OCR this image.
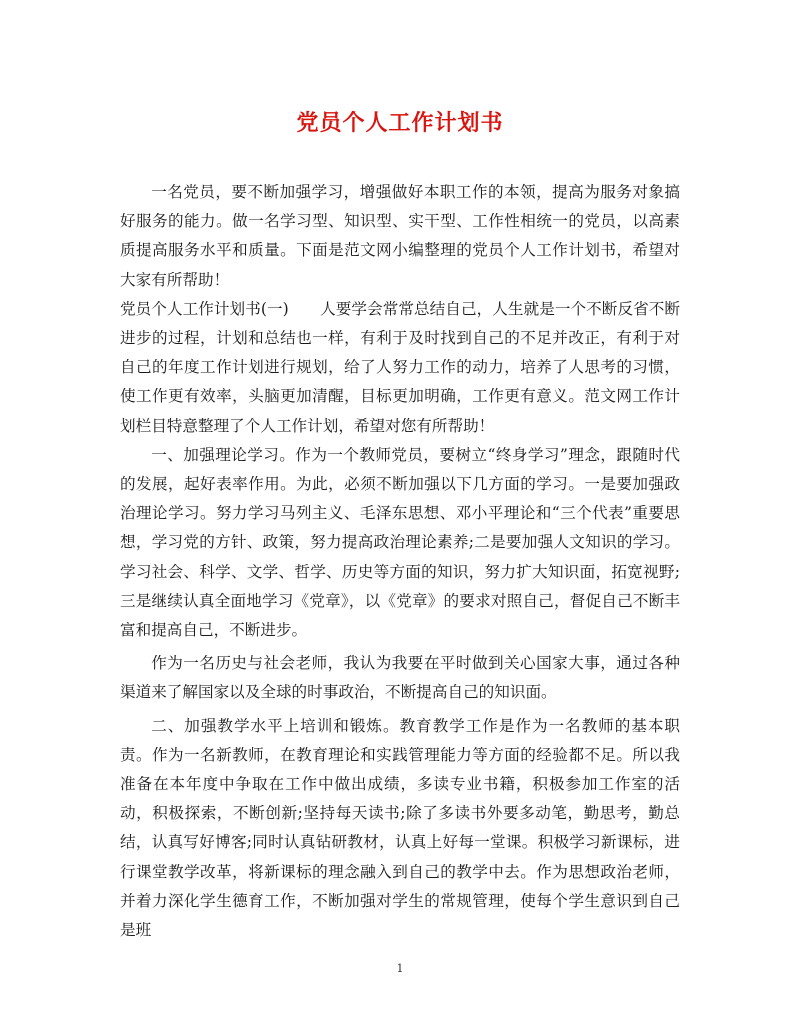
党员个人工作计划书

一名党员，要不断加强学习，增强做好本职工作的本领，提高为服务对象搞好服务的能力。做一名学习型、知识型、实干型、工作性相统一的党员，以高素质提高服务水平和质量。下面是范文网小编整理的党员个人工作计划书，希望对大家有所帮助！

党员个人工作计划书(一)　　人要学会常常总结自己，人生就是一个不断反省不断进步的过程，计划和总结也一样，有利于及时找到自己的不足并改正，有利于对自己的年度工作计划进行规划，给了人努力工作的动力，培养了人思考的习惯，使工作更有效率，头脑更加清醒，目标更加明确，工作更有意义。范文网工作计划栏目特意整理了个人工作计划，希望对您有所帮助！

一、加强理论学习。作为一个教师党员，要树立“终身学习”理念，跟随时代的发展，起好表率作用。为此，必须不断加强以下几方面的学习。一是要加强政治理论学习。努力学习马列主义、毛泽东思想、邓小平理论和“三个代表”重要思想，学习党的方针、政策，努力提高政治理论素养;二是要加强人文知识的学习。学习社会、科学、文学、哲学、历史等方面的知识，努力扩大知识面，拓宽视野;三是继续认真全面地学习《党章》，以《党章》的要求对照自己，督促自己不断丰富和提高自己，不断进步。

作为一名历史与社会老师，我认为我要在平时做到关心国家大事，通过各种渠道来了解国家以及全球的时事政治，不断提高自己的知识面。

二、加强教学水平上培训和锻炼。教育教学工作是作为一名教师的基本职责。作为一名新教师，在教育理论和实践管理能力等方面的经验都不足。所以我准备在本年度中争取在工作中做出成绩，多读专业书籍，积极参加工作室的活动，积极探索，不断创新;坚持每天读书;除了多读书外要多动笔，勤思考，勤总结，认真写好博客;同时认真钻研教材，认真上好每一堂课。积极学习新课标，进行课堂教学改革，将新课标的理念融入到自己的教学中去。作为思想政治老师，并着力深化学生德育工作，不断加强对学生的常规管理，使每个学生意识到自己是班

1
